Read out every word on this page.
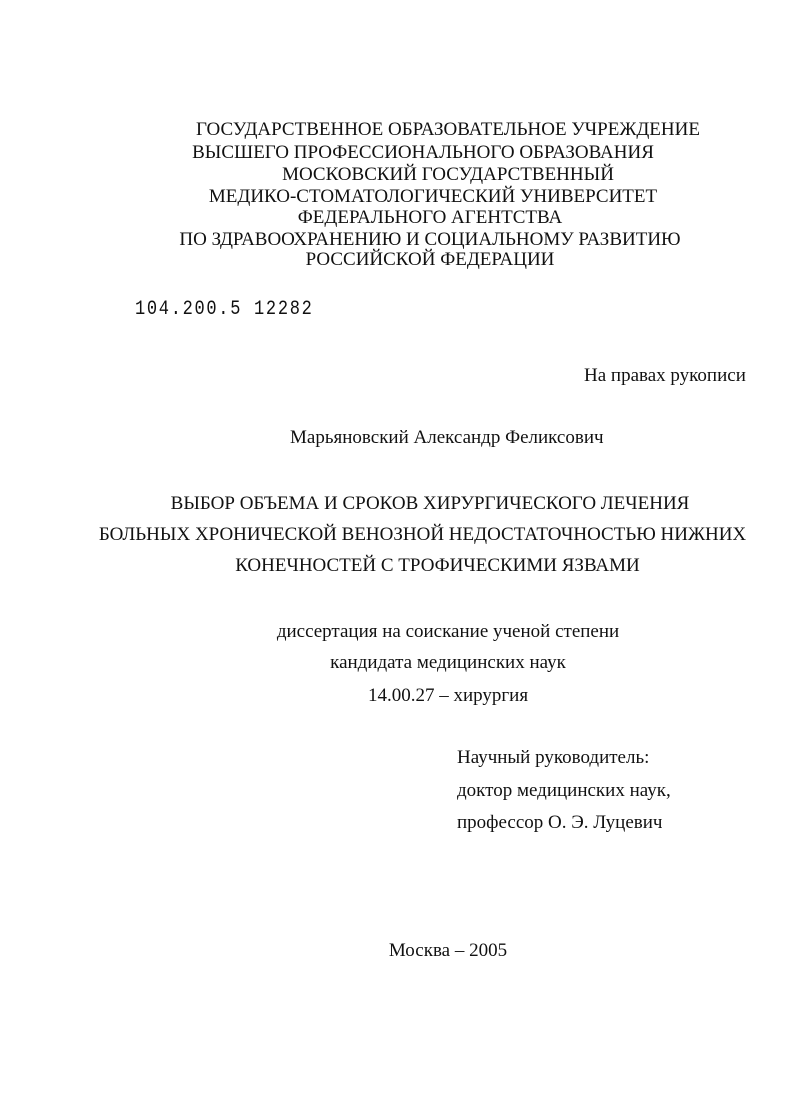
ГОСУДАРСТВЕННОЕ ОБРАЗОВАТЕЛЬНОЕ УЧРЕЖДЕНИЕ
ВЫСШЕГО ПРОФЕССИОНАЛЬНОГО ОБРАЗОВАНИЯ
МОСКОВСКИЙ ГОСУДАРСТВЕННЫЙ
МЕДИКО-СТОМАТОЛОГИЧЕСКИЙ УНИВЕРСИТЕТ
ФЕДЕРАЛЬНОГО АГЕНТСТВА
ПО ЗДРАВООХРАНЕНИЮ И СОЦИАЛЬНОМУ РАЗВИТИЮ
РОССИЙСКОЙ ФЕДЕРАЦИИ
104.200.5 12282
На правах рукописи
Марьяновский Александр Феликсович
ВЫБОР ОБЪЕМА И СРОКОВ ХИРУРГИЧЕСКОГО ЛЕЧЕНИЯ
БОЛЬНЫХ ХРОНИЧЕСКОЙ ВЕНОЗНОЙ НЕДОСТАТОЧНОСТЬЮ НИЖНИХ
КОНЕЧНОСТЕЙ С ТРОФИЧЕСКИМИ ЯЗВАМИ
диссертация на соискание ученой степени
кандидата медицинских наук
14.00.27 – хирургия
Научный руководитель:
доктор медицинских наук,
профессор О. Э. Луцевич
Москва – 2005
